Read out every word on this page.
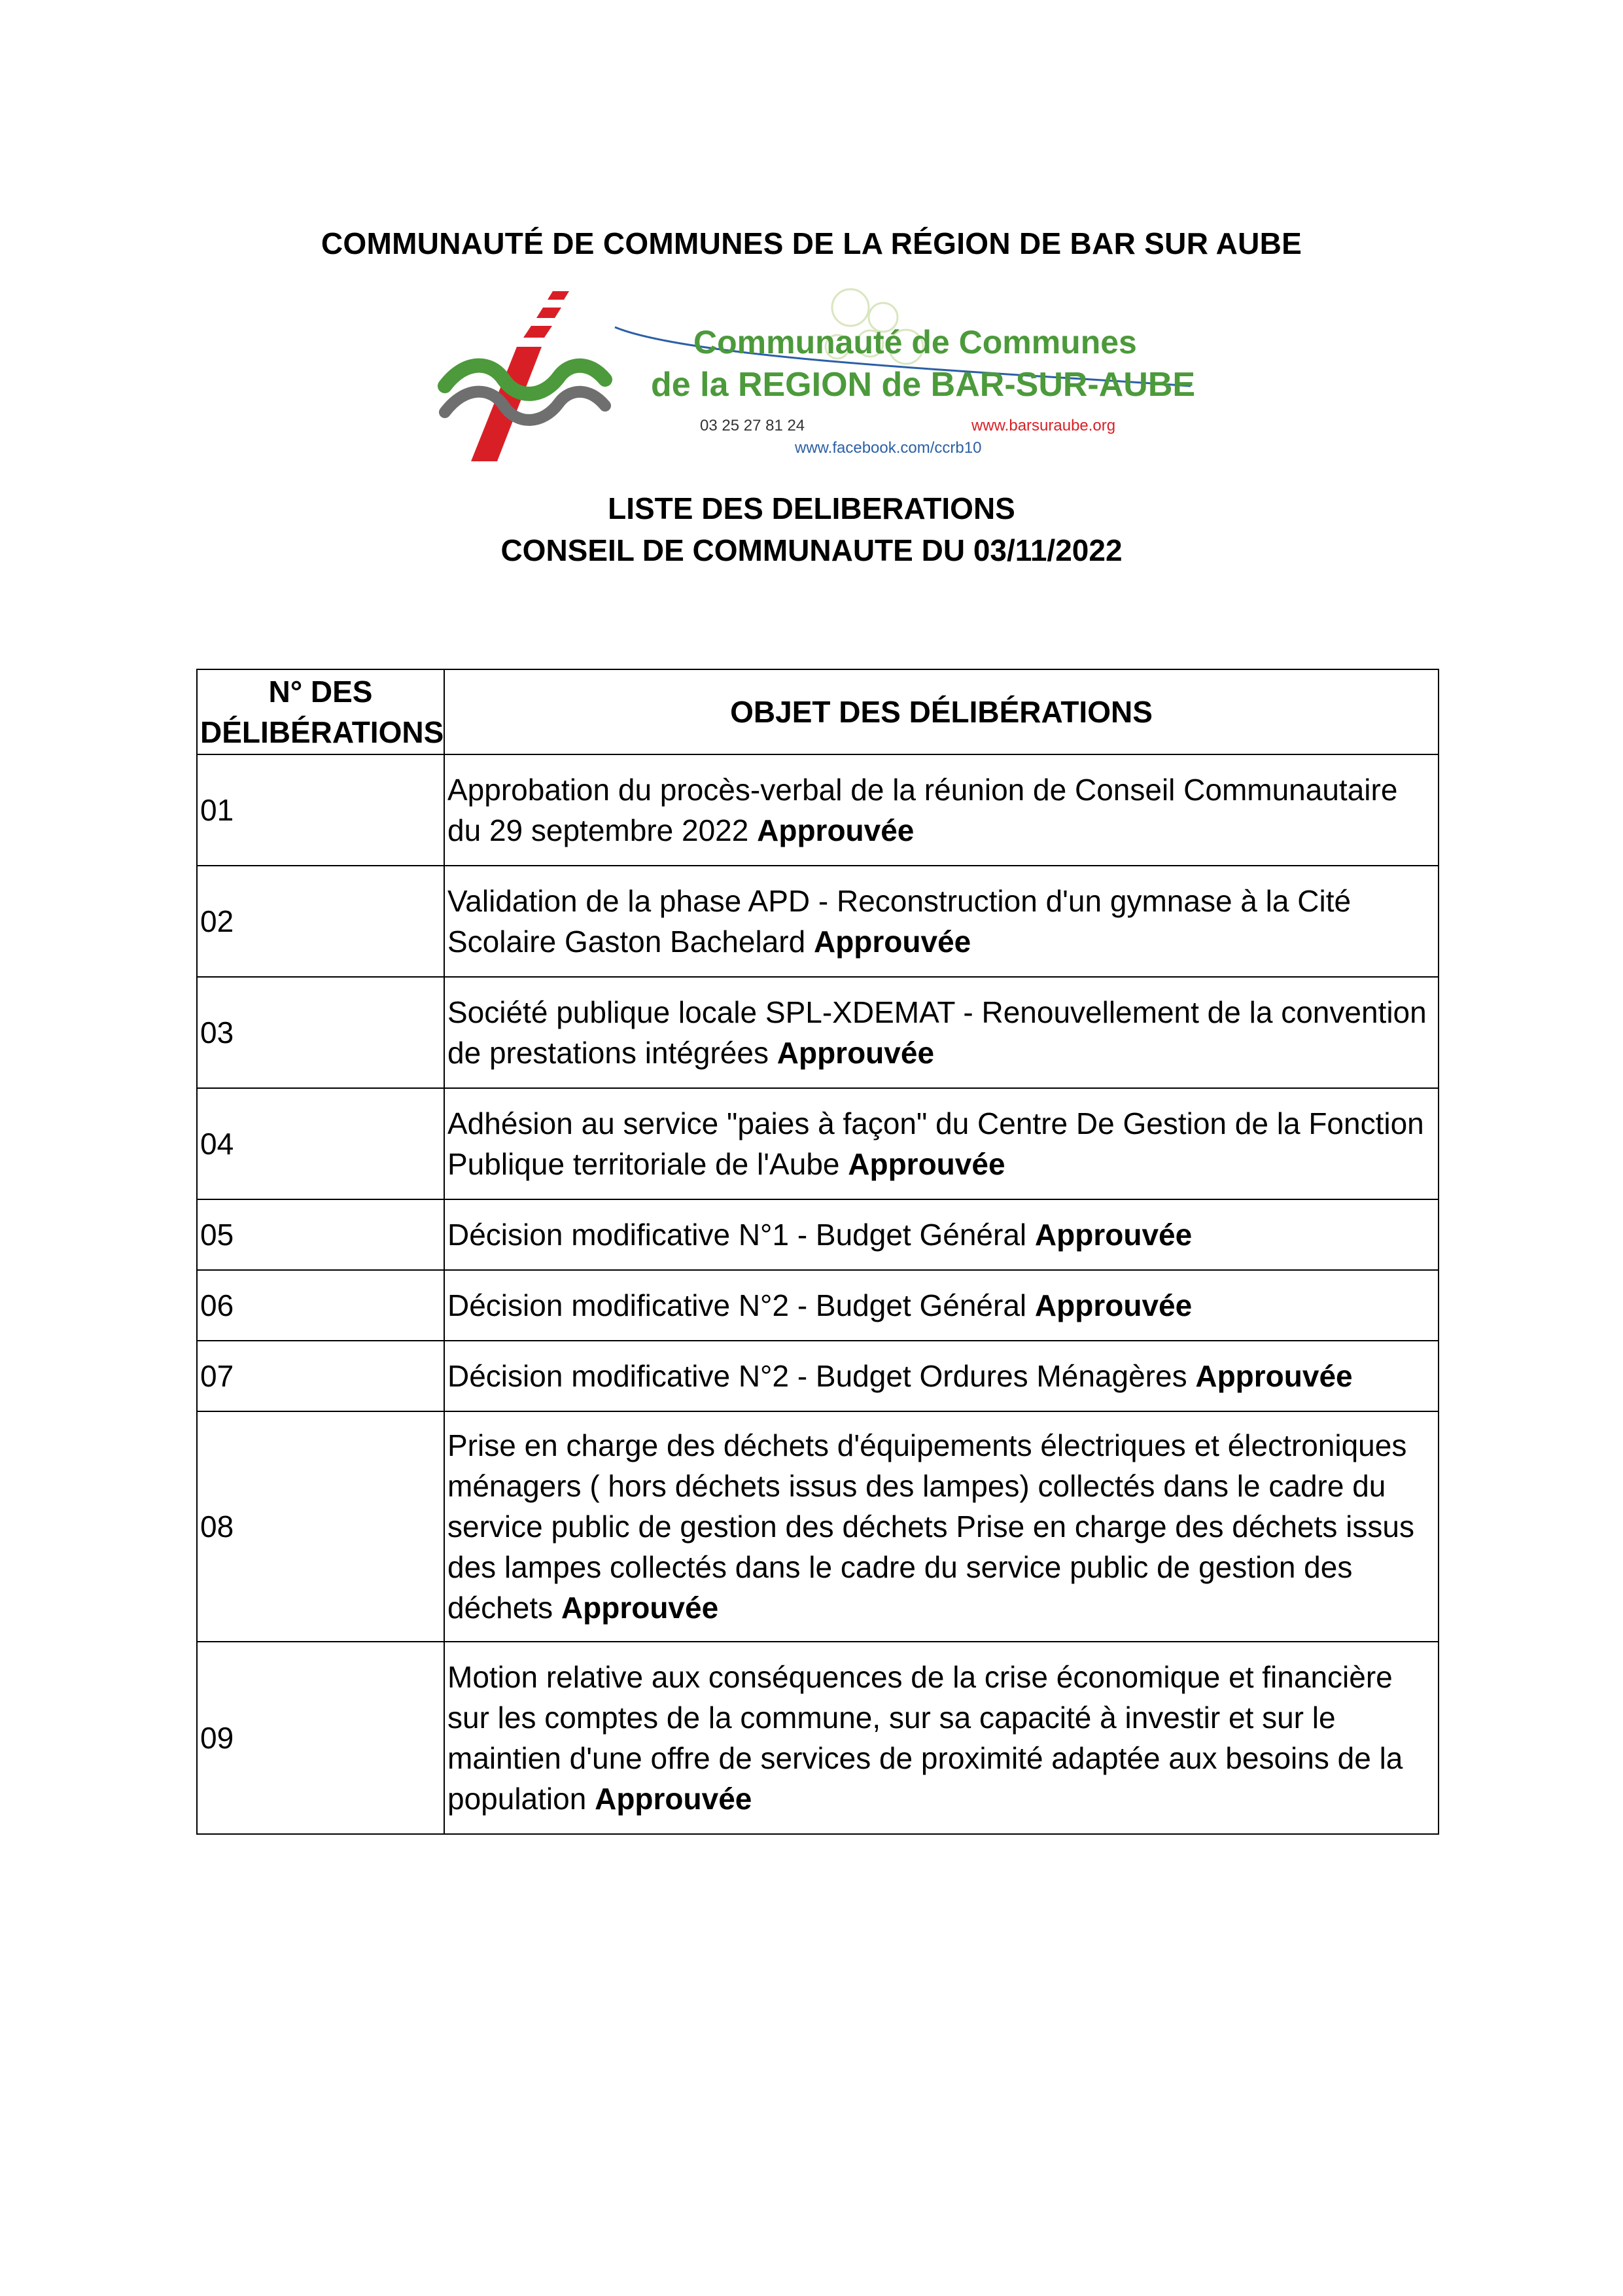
COMMUNAUTÉ DE COMMUNES DE LA RÉGION DE BAR SUR AUBE
Communauté de Communes
de la REGION de BAR-SUR-AUBE
03 25 27 81 24	www.barsuraube.org
www.facebook.com/ccrb10
LISTE DES DELIBERATIONS
CONSEIL DE COMMUNAUTE DU 03/11/2022
N° DES DÉLIBÉRATIONS	OBJET DES DÉLIBÉRATIONS
01	Approbation du procès-verbal de la réunion de Conseil Communautaire du 29 septembre 2022 Approuvée
02	Validation de la phase APD - Reconstruction d'un gymnase à la Cité Scolaire Gaston Bachelard Approuvée
03	Société publique locale SPL-XDEMAT - Renouvellement de la convention de prestations intégrées Approuvée
04	Adhésion au service "paies à façon" du Centre De Gestion de la Fonction Publique territoriale de l'Aube Approuvée
05	Décision modificative N°1 - Budget Général Approuvée
06	Décision modificative N°2 - Budget Général Approuvée
07	Décision modificative N°2 - Budget Ordures Ménagères Approuvée
08	Prise en charge des déchets d'équipements électriques et électroniques ménagers ( hors déchets issus des lampes) collectés dans le cadre du service public de gestion des déchets Prise en charge des déchets issus des lampes collectés dans le cadre du service public de gestion des déchets Approuvée
09	Motion relative aux conséquences de la crise économique et financière sur les comptes de la commune, sur sa capacité à investir et sur le maintien d'une offre de services de proximité adaptée aux besoins de la population Approuvée
